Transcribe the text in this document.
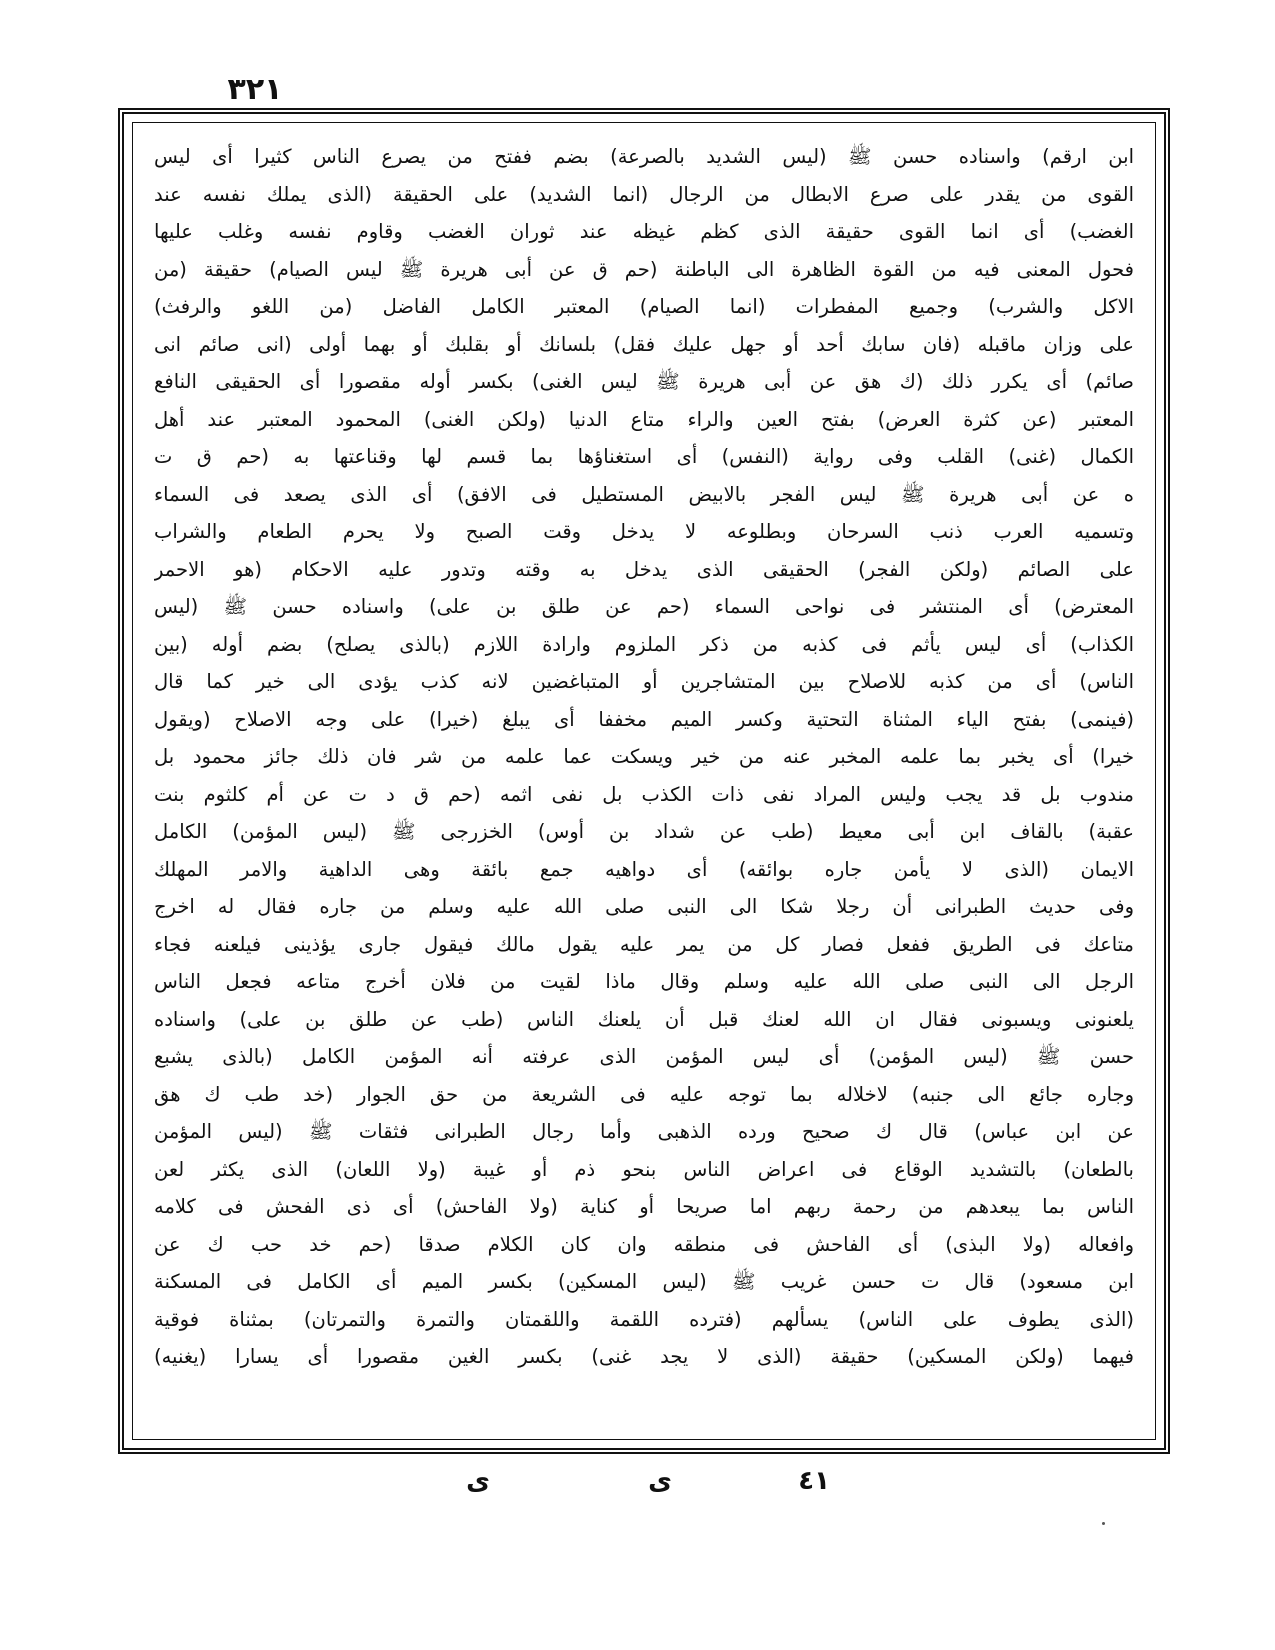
٣٢١
ابن ارقم) واسناده حسن ﷺ (ليس الشديد بالصرعة) بضم ففتح من يصرع الناس كثيرا أى ليس
القوى من يقدر على صرع الابطال من الرجال (انما الشديد) على الحقيقة (الذى يملك نفسه عند
الغضب) أى انما القوى حقيقة الذى كظم غيظه عند ثوران الغضب وقاوم نفسه وغلب عليها
فحول المعنى فيه من القوة الظاهرة الى الباطنة (حم ق عن أبى هريرة ﷺ ليس الصيام) حقيقة (من
الاكل والشرب) وجميع المفطرات (انما الصيام) المعتبر الكامل الفاضل (من اللغو والرفث)
على وزان ماقبله (فان سابك أحد أو جهل عليك فقل) بلسانك أو بقلبك أو بهما أولى (انى صائم انى
صائم) أى يكرر ذلك (ك هق عن أبى هريرة ﷺ ليس الغنى) بكسر أوله مقصورا أى الحقيقى النافع
المعتبر (عن كثرة العرض) بفتح العين والراء متاع الدنيا (ولكن الغنى) المحمود المعتبر عند أهل
الكمال (غنى) القلب وفى رواية (النفس) أى استغناؤها بما قسم لها وقناعتها به (حم ق ت
ه عن أبى هريرة ﷺ ليس الفجر بالابيض المستطيل فى الافق) أى الذى يصعد فى السماء
وتسميه العرب ذنب السرحان وبطلوعه لا يدخل وقت الصبح ولا يحرم الطعام والشراب
على الصائم (ولكن الفجر) الحقيقى الذى يدخل به وقته وتدور عليه الاحكام (هو الاحمر
المعترض) أى المنتشر فى نواحى السماء (حم عن طلق بن على) واسناده حسن ﷺ (ليس
الكذاب) أى ليس يأثم فى كذبه من ذكر الملزوم وارادة اللازم (بالذى يصلح) بضم أوله (بين
الناس) أى من كذبه للاصلاح بين المتشاجرين أو المتباغضين لانه كذب يؤدى الى خير كما قال
(فينمى) بفتح الياء المثناة التحتية وكسر الميم مخففا أى يبلغ (خيرا) على وجه الاصلاح (ويقول
خيرا) أى يخبر بما علمه المخبر عنه من خير ويسكت عما علمه من شر فان ذلك جائز محمود بل
مندوب بل قد يجب وليس المراد نفى ذات الكذب بل نفى اثمه (حم ق د ت عن أم كلثوم بنت
عقبة) بالقاف ابن أبى معيط (طب عن شداد بن أوس) الخزرجى ﷺ (ليس المؤمن) الكامل
الايمان (الذى لا يأمن جاره بوائقه) أى دواهيه جمع بائقة وهى الداهية والامر المهلك
وفى حديث الطبرانى أن رجلا شكا الى النبى صلى الله عليه وسلم من جاره فقال له اخرج
متاعك فى الطريق ففعل فصار كل من يمر عليه يقول مالك فيقول جارى يؤذينى فيلعنه فجاء
الرجل الى النبى صلى الله عليه وسلم وقال ماذا لقيت من فلان أخرج متاعه فجعل الناس
يلعنونى ويسبونى فقال ان الله لعنك قبل أن يلعنك الناس (طب عن طلق بن على) واسناده
حسن ﷺ (ليس المؤمن) أى ليس المؤمن الذى عرفته أنه المؤمن الكامل (بالذى يشبع
وجاره جائع الى جنبه) لاخلاله بما توجه عليه فى الشريعة من حق الجوار (خد طب ك هق
عن ابن عباس) قال ك صحيح ورده الذهبى وأما رجال الطبرانى فثقات ﷺ (ليس المؤمن
بالطعان) بالتشديد الوقاع فى اعراض الناس بنحو ذم أو غيبة (ولا اللعان) الذى يكثر لعن
الناس بما يبعدهم من رحمة ربهم اما صريحا أو كناية (ولا الفاحش) أى ذى الفحش فى كلامه
وافعاله (ولا البذى) أى الفاحش فى منطقه وان كان الكلام صدقا (حم خد حب ك عن
ابن مسعود) قال ت حسن غريب ﷺ (ليس المسكين) بكسر الميم أى الكامل فى المسكنة
(الذى يطوف على الناس) يسألهم (فترده اللقمة واللقمتان والتمرة والتمرتان) بمثناة فوقية
فيهما (ولكن المسكين) حقيقة (الذى لا يجد غنى) بكسر الغين مقصورا أى يسارا (يغنيه)
ى	ى	٤١
